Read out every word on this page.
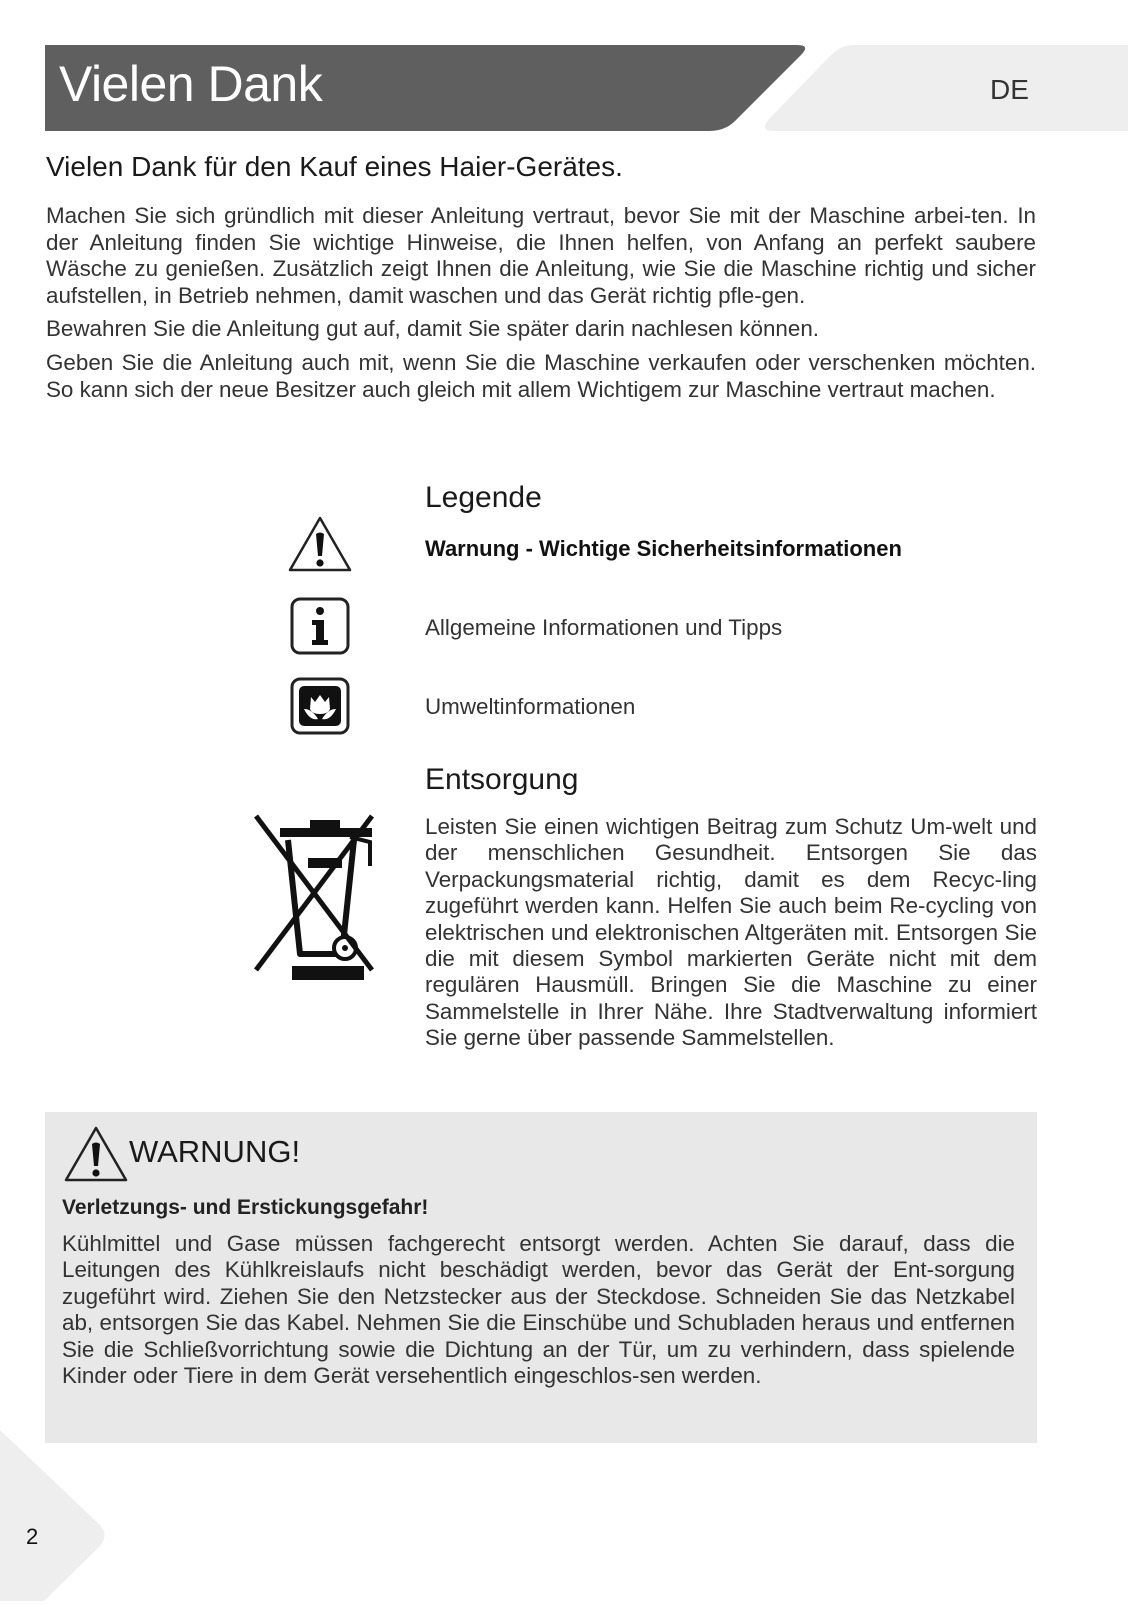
Vielen Dank	DE
Vielen Dank für den Kauf eines Haier-Gerätes.

Machen Sie sich gründlich mit dieser Anleitung vertraut, bevor Sie mit der Maschine arbei-ten. In der Anleitung finden Sie wichtige Hinweise, die Ihnen helfen, von Anfang an perfekt saubere Wäsche zu genießen. Zusätzlich zeigt Ihnen die Anleitung, wie Sie die Maschine richtig und sicher aufstellen, in Betrieb nehmen, damit waschen und das Gerät richtig pfle-gen.

Bewahren Sie die Anleitung gut auf, damit Sie später darin nachlesen können.

Geben Sie die Anleitung auch mit, wenn Sie die Maschine verkaufen oder verschenken möchten. So kann sich der neue Besitzer auch gleich mit allem Wichtigem zur Maschine vertraut machen.

Legende
Warnung - Wichtige Sicherheitsinformationen
Allgemeine Informationen und Tipps
Umweltinformationen
Entsorgung

Leisten Sie einen wichtigen Beitrag zum Schutz Um-welt und der menschlichen Gesundheit. Entsorgen Sie das Verpackungsmaterial richtig, damit es dem Recyc-ling zugeführt werden kann. Helfen Sie auch beim Re-cycling von elektrischen und elektronischen Altgeräten mit. Entsorgen Sie die mit diesem Symbol markierten Geräte nicht mit dem regulären Hausmüll. Bringen Sie die Maschine zu einer Sammelstelle in Ihrer Nähe. Ihre Stadtverwaltung informiert Sie gerne über passende Sammelstellen.

WARNUNG!
Verletzungs- und Erstickungsgefahr!

Kühlmittel und Gase müssen fachgerecht entsorgt werden. Achten Sie darauf, dass die Leitungen des Kühlkreislaufs nicht beschädigt werden, bevor das Gerät der Ent-sorgung zugeführt wird. Ziehen Sie den Netzstecker aus der Steckdose. Schneiden Sie das Netzkabel ab, entsorgen Sie das Kabel. Nehmen Sie die Einschübe und Schubladen heraus und entfernen Sie die Schließvorrichtung sowie die Dichtung an der Tür, um zu verhindern, dass spielende Kinder oder Tiere in dem Gerät versehentlich eingeschlos-sen werden.

2
